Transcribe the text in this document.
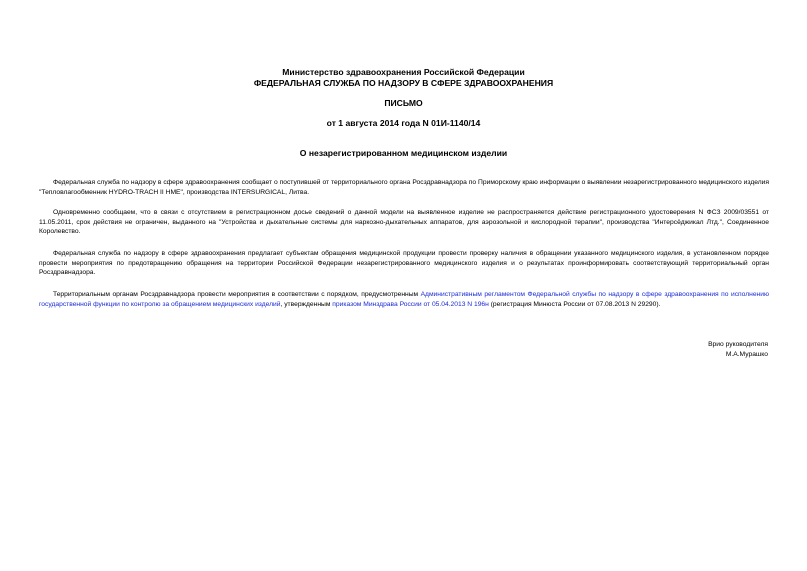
Министерство здравоохранения Российской Федерации
ФЕДЕРАЛЬНАЯ СЛУЖБА ПО НАДЗОРУ В СФЕРЕ ЗДРАВООХРАНЕНИЯ
ПИСЬМО
от 1 августа 2014 года N 01И-1140/14
О незарегистрированном медицинском изделии
Федеральная служба по надзору в сфере здравоохранения сообщает о поступившей от территориального органа Росздравнадзора по Приморскому краю информации о выявлении незарегистрированного медицинского изделия "Тепловлагообменник HYDRO-TRACH II HME", производства INTERSURGICAL, Литва.
Одновременно сообщаем, что в связи с отсутствием в регистрационном досье сведений о данной модели на выявленное изделие не распространяется действие регистрационного удостоверения N ФСЗ 2009/03551 от 11.05.2011, срок действия не ограничен, выданного на "Устройства и дыхательные системы для наркозно-дыхательных аппаратов, для аэрозольной и кислородной терапии", производства "Интерсёджикал Лтд.", Соединенное Королевство.
Федеральная служба по надзору в сфере здравоохранения предлагает субъектам обращения медицинской продукции провести проверку наличия в обращении указанного медицинского изделия, в установленном порядке провести мероприятия по предотвращению обращения на территории Российской Федерации незарегистрированного медицинского изделия и о результатах проинформировать соответствующий территориальный орган Росздравнадзора.
Территориальным органам Росздравнадзора провести мероприятия в соответствии с порядком, предусмотренным Административным регламентом Федеральной службы по надзору в сфере здравоохранения по исполнению государственной функции по контролю за обращением медицинских изделий, утвержденным приказом Минздрава России от 05.04.2013 N 196н (регистрация Минюста России от 07.08.2013 N 29290).
Врио руководителя
М.А.Мурашко
